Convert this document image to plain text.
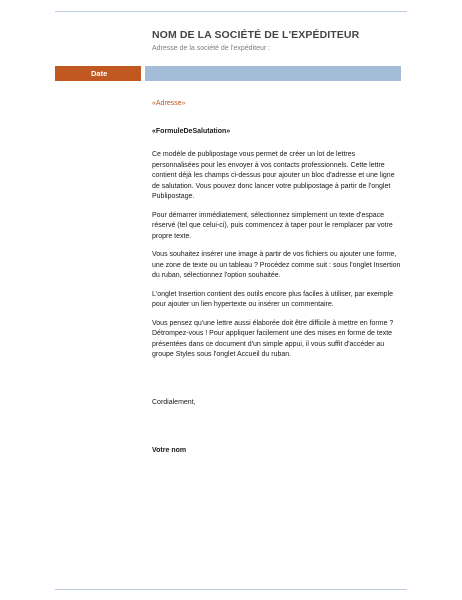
NOM DE LA SOCIÉTÉ DE L'EXPÉDITEUR
Adresse de la société de l'expéditeur :
Date
«Adresse»
«FormuleDeSalutation»

Ce modèle de publipostage vous permet de créer un lot de lettres personnalisées pour les envoyer à vos contacts professionnels. Cette lettre contient déjà les champs ci-dessus pour ajouter un bloc d'adresse et une ligne de salutation. Vous pouvez donc lancer votre publipostage à partir de l'onglet Publipostage.

Pour démarrer immédiatement, sélectionnez simplement un texte d'espace réservé (tel que celui-ci), puis commencez à taper pour le remplacer par votre propre texte.

Vous souhaitez insérer une image à partir de vos fichiers ou ajouter une forme, une zone de texte ou un tableau ? Procédez comme suit : sous l'onglet Insertion du ruban, sélectionnez l'option souhaitée.

L'onglet Insertion contient des outils encore plus faciles à utiliser, par exemple pour ajouter un lien hypertexte ou insérer un commentaire.

Vous pensez qu'une lettre aussi élaborée doit être difficile à mettre en forme ? Détrompez-vous ! Pour appliquer facilement une des mises en forme de texte présentées dans ce document d'un simple appui, il vous suffit d'accéder au groupe Styles sous l'onglet Accueil du ruban.

Cordialement,
Votre nom
